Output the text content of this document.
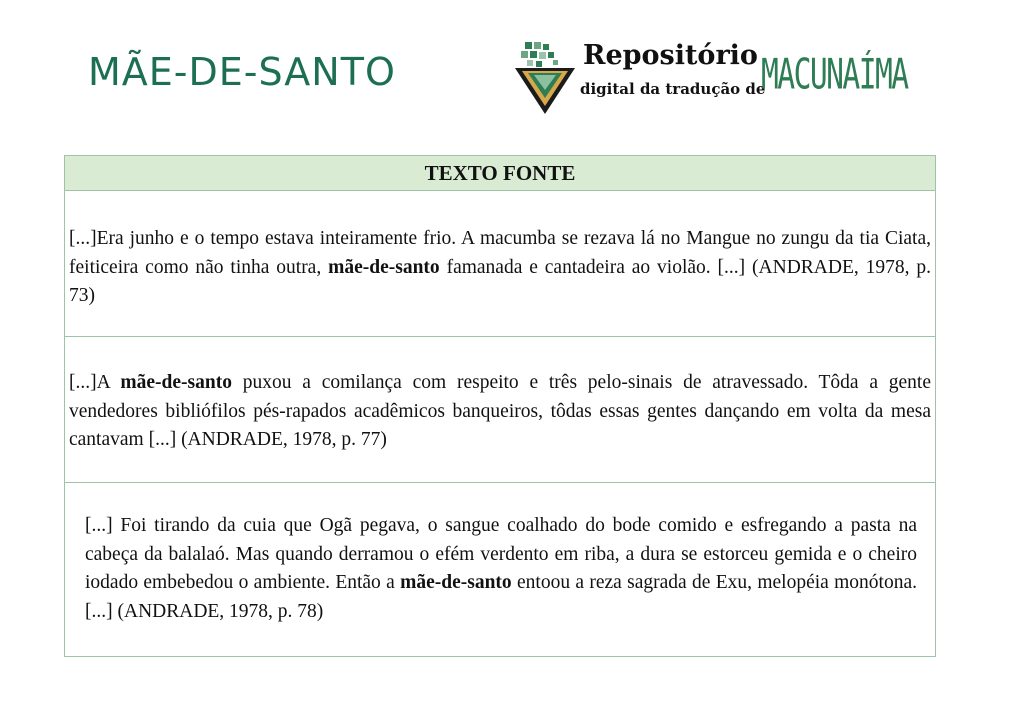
MÃE-DE-SANTO	Repositório
digital da tradução de
MACUNAÍMA
TEXTO FONTE

[...]Era junho e o tempo estava inteiramente frio. A macumba se rezava lá no Mangue no zungu da tia Ciata, feiticeira como não tinha outra, mãe-de-santo famanada e cantadeira ao violão. [...] (ANDRADE, 1978, p. 73)

[...]A mãe-de-santo puxou a comilança com respeito e três pelo-sinais de atravessado. Tôda a gente vendedores bibliófilos pés-rapados acadêmicos banqueiros, tôdas essas gentes dançando em volta da mesa cantavam [...] (ANDRADE, 1978, p. 77)

[...] Foi tirando da cuia que Ogã pegava, o sangue coalhado do bode comido e esfregando a pasta na cabeça da balalaó. Mas quando derramou o efém verdento em riba, a dura se estorceu gemida e o cheiro iodado embebedou o ambiente. Então a mãe-de-santo entoou a reza sagrada de Exu, melopéia monótona. [...] (ANDRADE, 1978, p. 78)
